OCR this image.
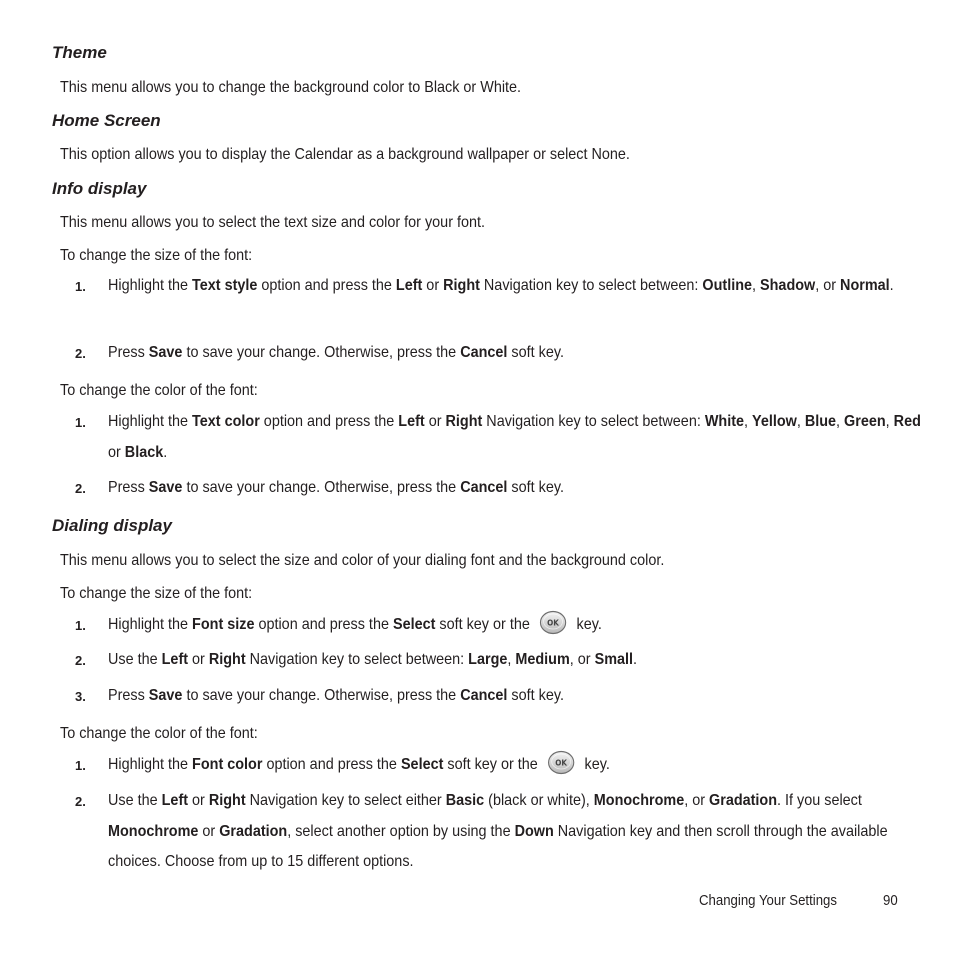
Theme

This menu allows you to change the background color to Black or White.

Home Screen

This option allows you to display the Calendar as a background wallpaper or select None.

Info display

This menu allows you to select the text size and color for your font.

To change the size of the font:

1. Highlight the Text style option and press the Left or Right Navigation key to select between: Outline, Shadow, or Normal.
2. Press Save to save your change. Otherwise, press the Cancel soft key.

To change the color of the font:

1. Highlight the Text color option and press the Left or Right Navigation key to select between: White, Yellow, Blue, Green, Red or Black.
2. Press Save to save your change. Otherwise, press the Cancel soft key.
Dialing display

This menu allows you to select the size and color of your dialing font and the background color.

To change the size of the font:

1. Highlight the Font size option and press the Select soft key or the OK key.
2. Use the Left or Right Navigation key to select between: Large, Medium, or Small.
3. Press Save to save your change. Otherwise, press the Cancel soft key.

To change the color of the font:

1. Highlight the Font color option and press the Select soft key or the OK key.
2. Use the Left or Right Navigation key to select either Basic (black or white), Monochrome, or Gradation. If you select Monochrome or Gradation, select another option by using the Down Navigation key and then scroll through the available choices. Choose from up to 15 different options.
Changing Your Settings	90
